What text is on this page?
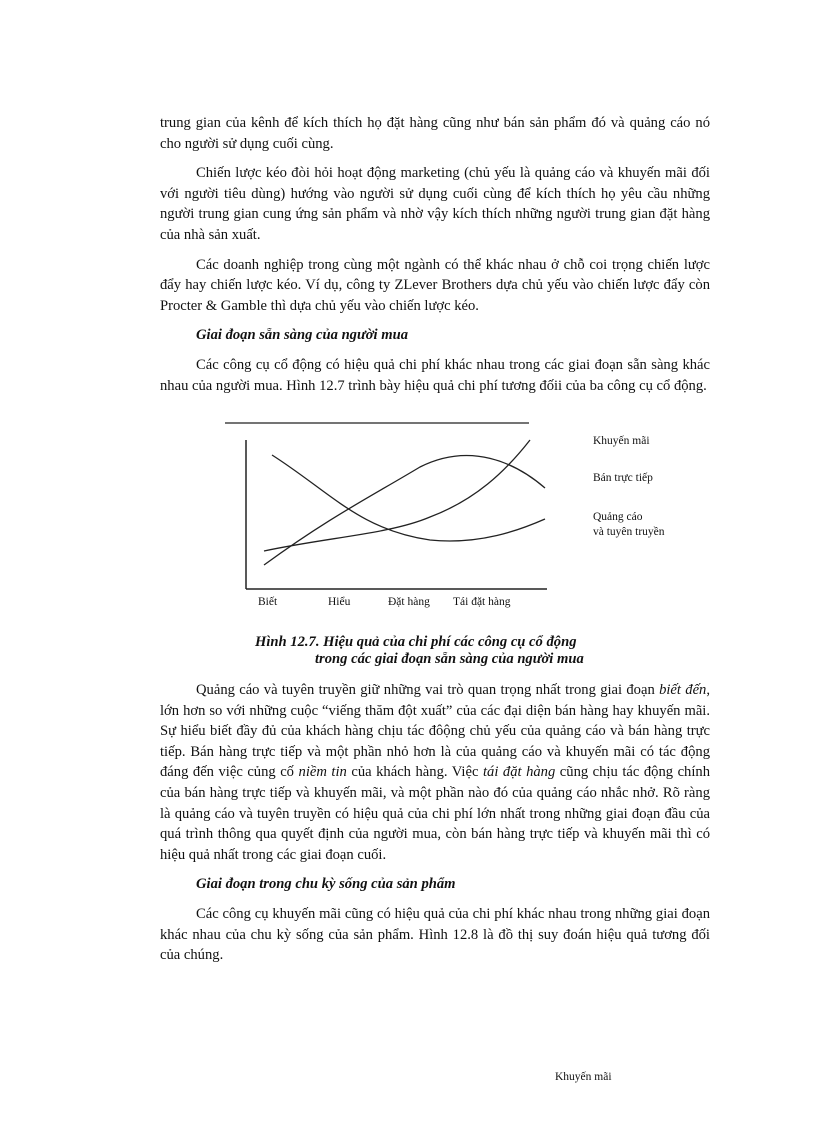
trung gian của kênh để kích thích họ đặt hàng cũng như bán sản phẩm đó và quảng cáo nó cho người sử dụng cuối cùng.

Chiến lược kéo đòi hỏi hoạt động marketing (chủ yếu là quảng cáo và khuyến mãi đối với người tiêu dùng) hướng vào người sử dụng cuối cùng để kích thích họ yêu cầu những người trung gian cung ứng sản phẩm và nhờ vậy kích thích những người trung gian đặt hàng của nhà sản xuất.

Các doanh nghiệp trong cùng một ngành có thể khác nhau ở chỗ coi trọng chiến lược đẩy hay chiến lược kéo. Ví dụ, công ty ZLever Brothers dựa chủ yếu vào chiến lược đẩy còn Procter & Gamble thì dựa chủ yếu vào chiến lược kéo.

Giai đoạn sẵn sàng của người mua

Các công cụ cổ động có hiệu quả chi phí khác nhau trong các giai đoạn sẵn sàng khác nhau của người mua. Hình 12.7 trình bày hiệu quả chi phí tương đốii của ba công cụ cổ động.

Khuyến mãi
Bán trực tiếp
Quảng cáo
và tuyên truyền
Biết	Hiểu	Đặt hàng Tái đặt hàng
Hình 12.7. Hiệu quả của chi phí các công cụ cổ động
trong các giai đoạn sẵn sàng của người mua

Quảng cáo và tuyên truyền giữ những vai trò quan trọng nhất trong giai đoạn biết đến, lớn hơn so với những cuộc “viếng thăm đột xuất” của các đại diện bán hàng hay khuyến mãi. Sự hiểu biết đầy đủ của khách hàng chịu tác đôộng chủ yếu của quảng cáo và bán hàng trực tiếp. Bán hàng trực tiếp và một phần nhỏ hơn là của quảng cáo và khuyến mãi có tác động đáng đến việc củng cố niềm tin của khách hàng. Việc tái đặt hàng cũng chịu tác động chính của bán hàng trực tiếp và khuyến mãi, và một phần nào đó của quảng cáo nhắc nhở. Rõ ràng là quảng cáo và tuyên truyền có hiệu quả của chi phí lớn nhất trong những giai đoạn đầu của quá trình thông qua quyết định của người mua, còn bán hàng trực tiếp và khuyến mãi thì có hiệu quả nhất trong các giai đoạn cuối.

Giai đoạn trong chu kỳ sống của sản phẩm

Các công cụ khuyến mãi cũng có hiệu quả của chi phí khác nhau trong những giai đoạn khác nhau của chu kỳ sống của sản phẩm. Hình 12.8 là đồ thị suy đoán hiệu quả tương đối của chúng.

Khuyến mãi
